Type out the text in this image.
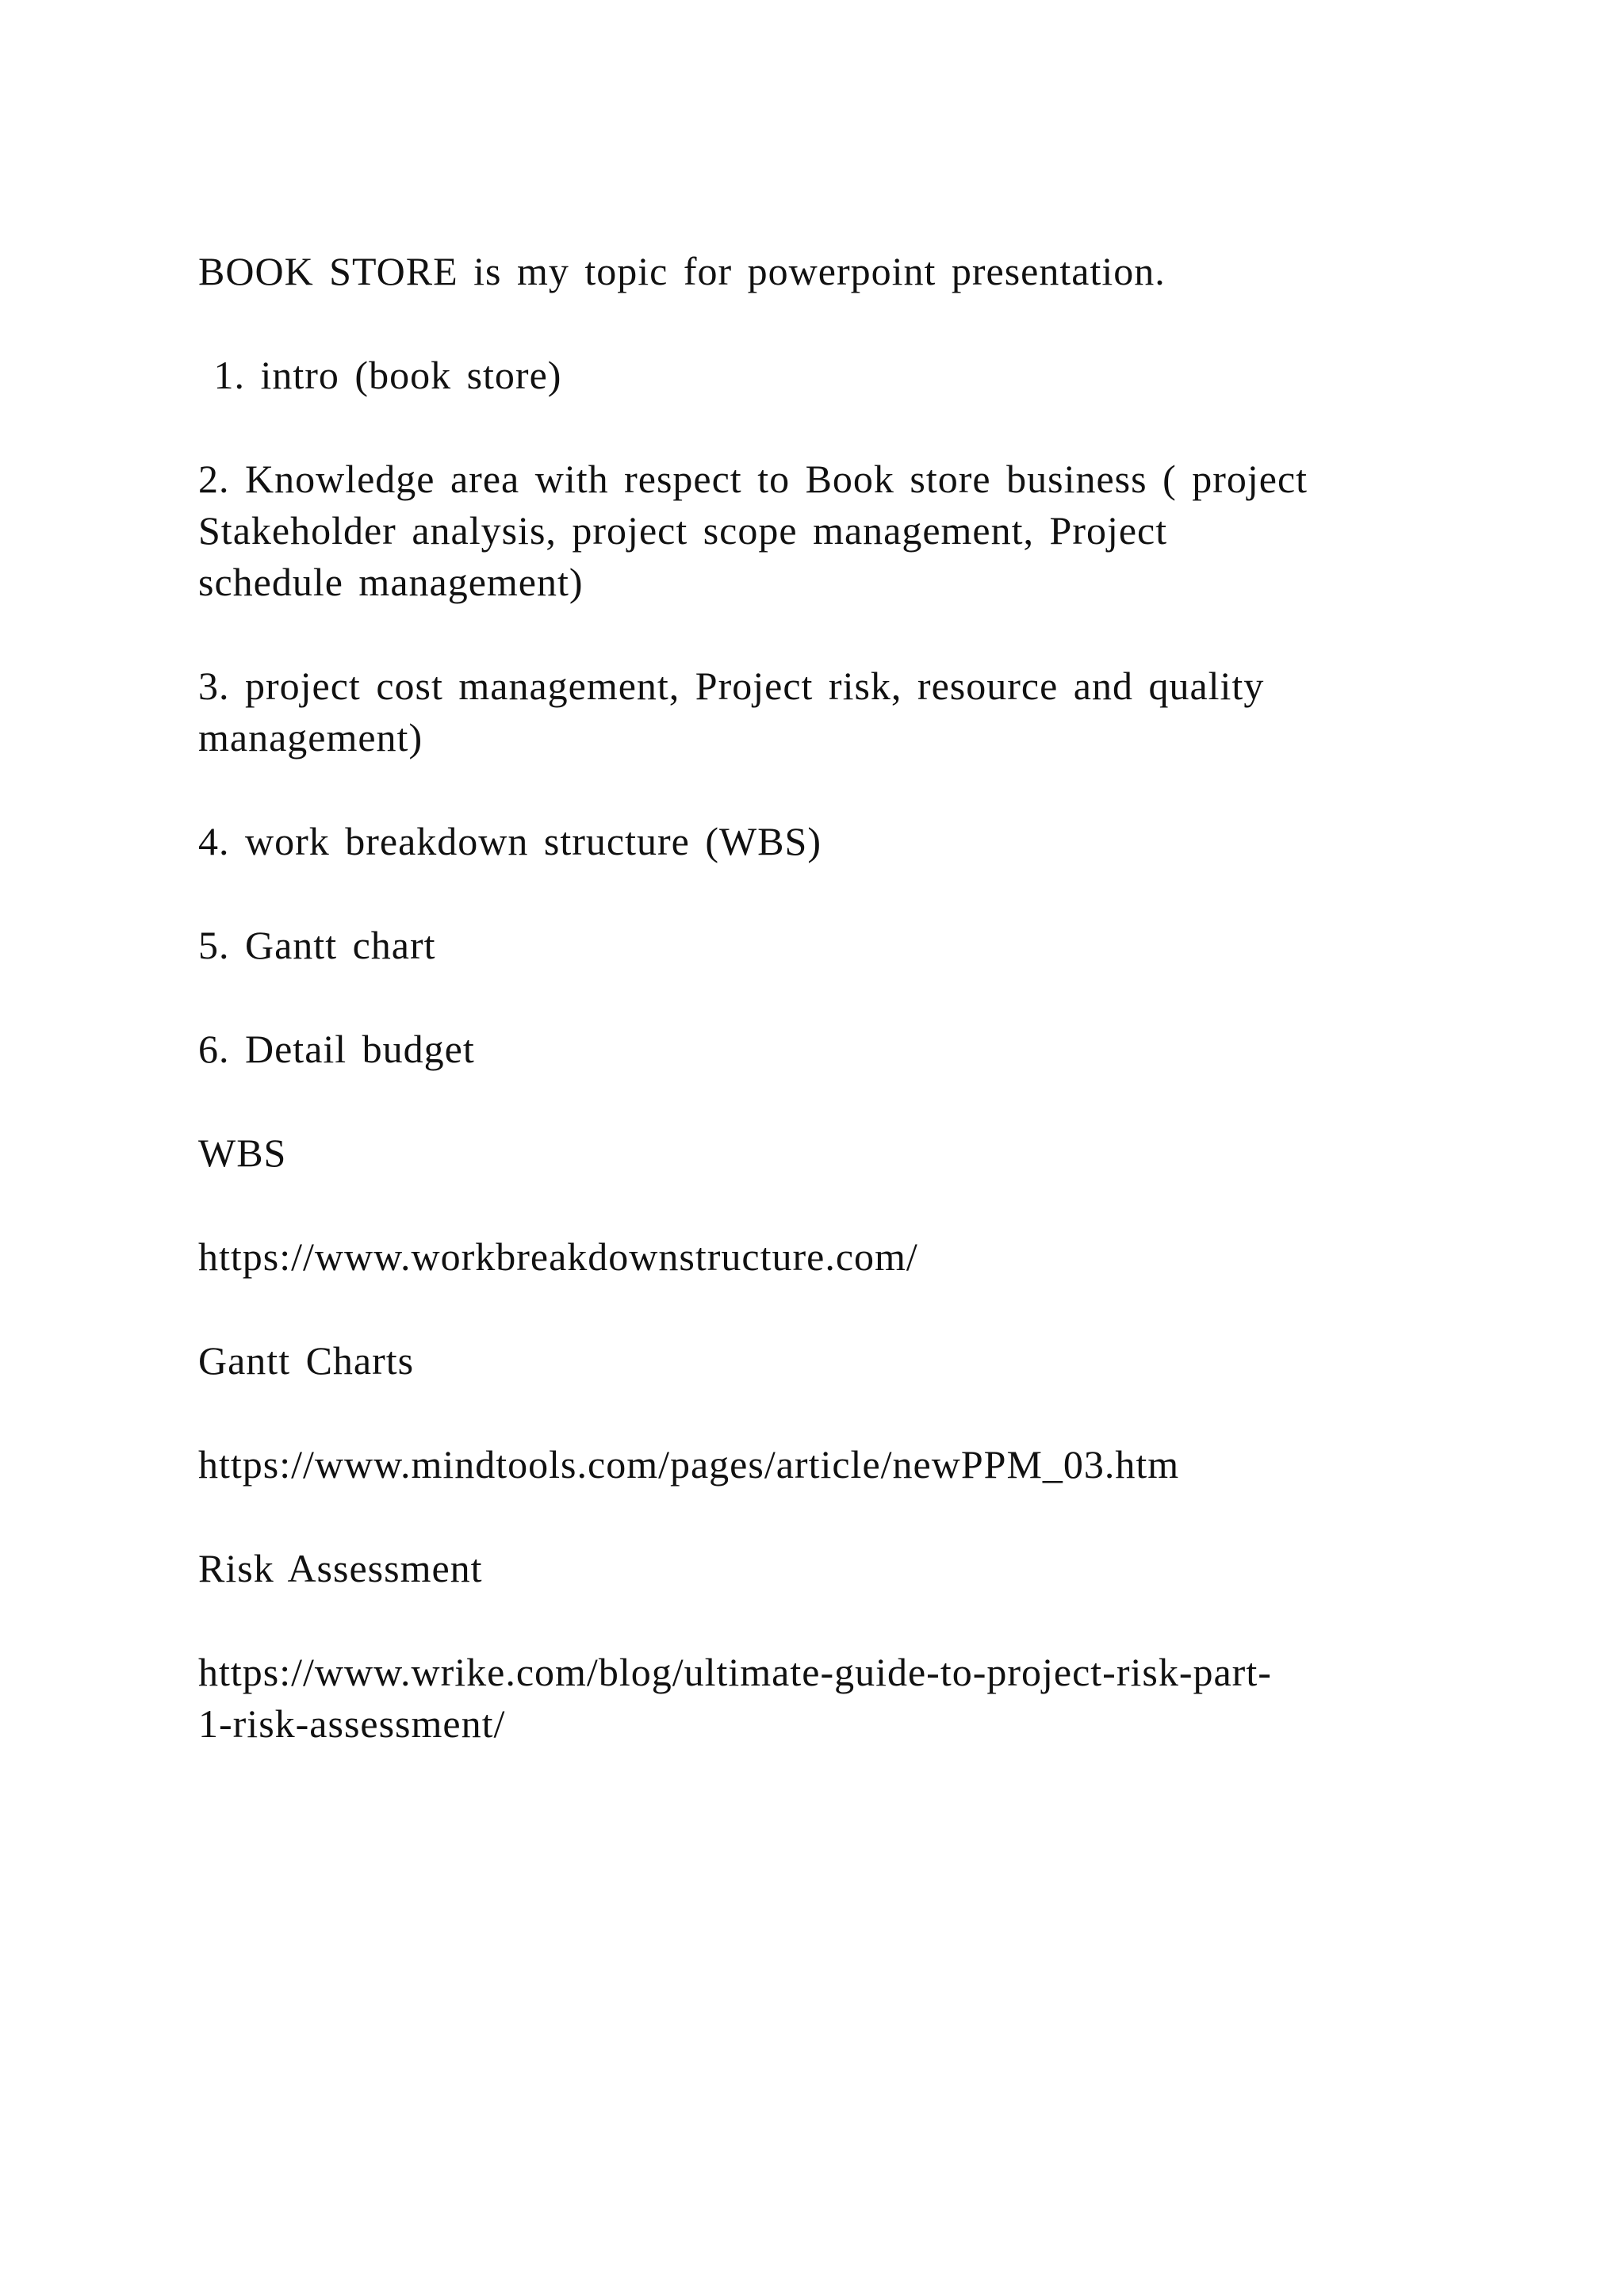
BOOK STORE is my topic for powerpoint presentation.

1. intro (book store)

2. Knowledge area with respect to Book store business ( project
Stakeholder analysis, project scope management, Project
schedule management)

3. project cost management, Project risk, resource and quality
management)

4. work breakdown structure (WBS)

5. Gantt chart

6. Detail budget

WBS

https://www.workbreakdownstructure.com/

Gantt Charts

https://www.mindtools.com/pages/article/newPPM_03.htm

Risk Assessment

https://www.wrike.com/blog/ultimate-guide-to-project-risk-part-
1-risk-assessment/
